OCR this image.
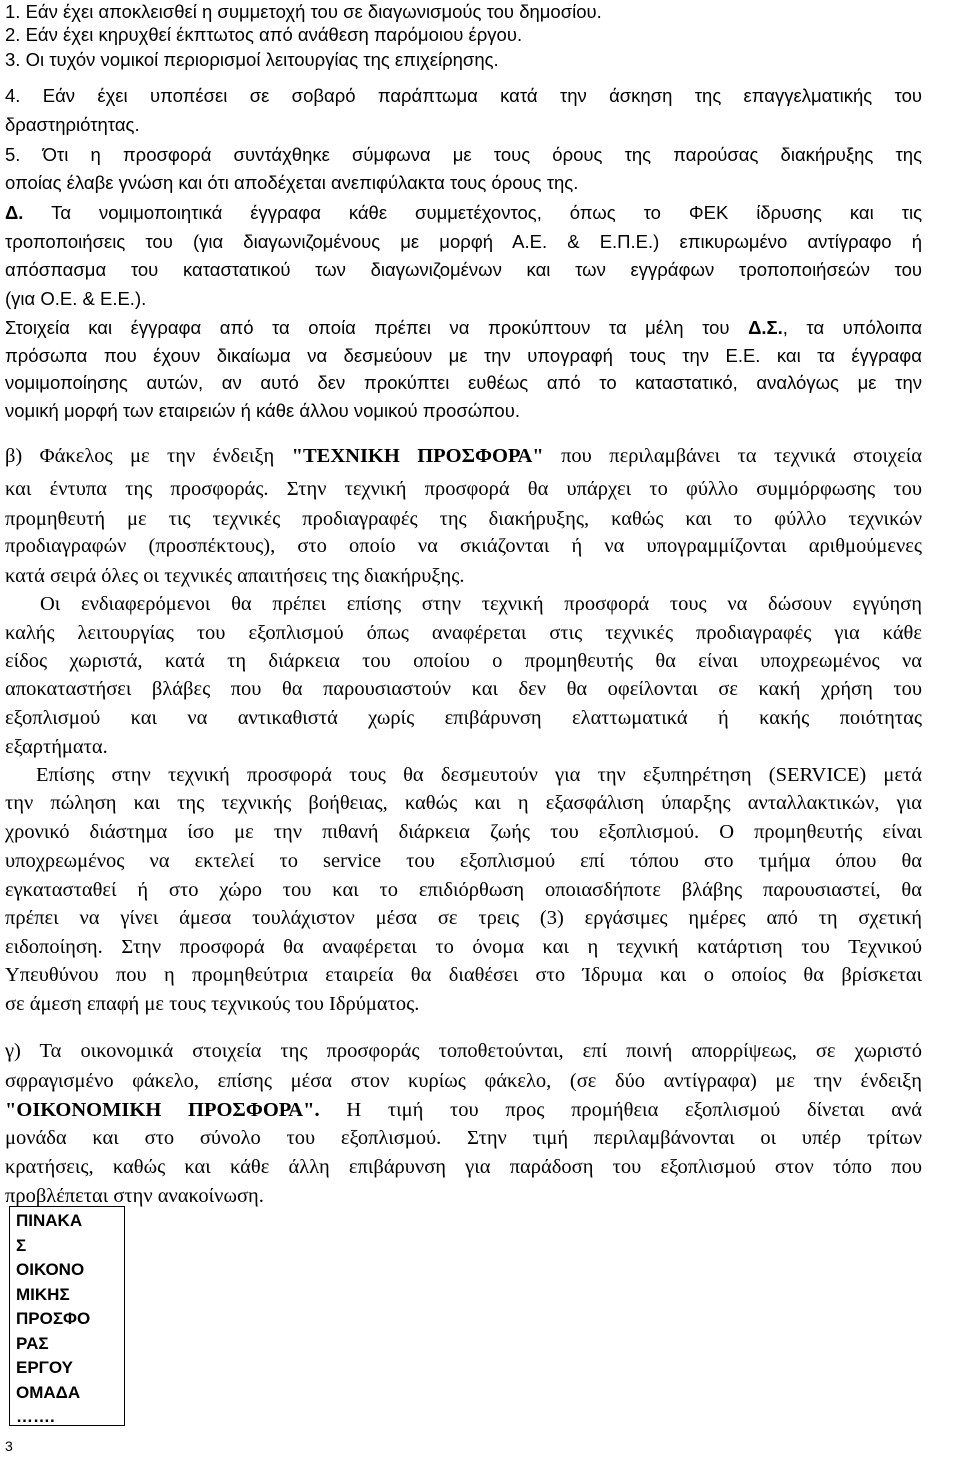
1. Εάν έχει αποκλεισθεί η συμμετοχή του σε διαγωνισμούς του δημοσίου.
2. Εάν έχει κηρυχθεί έκπτωτος από ανάθεση παρόμοιου έργου.
3. Οι τυχόν νομικοί περιορισμοί λειτουργίας της επιχείρησης.
4. Εάν έχει υποπέσει σε σοβαρό παράπτωμα κατά την άσκηση της επαγγελματικής του
δραστηριότητας.
5. Ότι η προσφορά συντάχθηκε σύμφωνα με τους όρους της παρούσας διακήρυξης της
οποίας έλαβε γνώση και ότι αποδέχεται ανεπιφύλακτα τους όρους της.
Δ. Τα νομιμοποιητικά έγγραφα κάθε συμμετέχοντος, όπως το ΦΕΚ ίδρυσης και τις
τροποποιήσεις του (για διαγωνιζομένους με μορφή Α.Ε. & Ε.Π.Ε.) επικυρωμένο αντίγραφο ή
απόσπασμα του καταστατικού των διαγωνιζομένων και των εγγράφων τροποποιήσεών του
(για Ο.Ε. & Ε.Ε.).
Στοιχεία και έγγραφα από τα οποία πρέπει να προκύπτουν τα μέλη του Δ.Σ., τα υπόλοιπα
πρόσωπα που έχουν δικαίωμα να δεσμεύουν με την υπογραφή τους την Ε.Ε. και τα έγγραφα
νομιμοποίησης αυτών, αν αυτό δεν προκύπτει ευθέως από το καταστατικό, αναλόγως με την
νομική μορφή των εταιρειών ή κάθε άλλου νομικού προσώπου.
β) Φάκελος με την ένδειξη "ΤΕΧΝΙΚΗ ΠΡΟΣΦΟΡΑ" που περιλαμβάνει τα τεχνικά στοιχεία
και έντυπα της προσφοράς. Στην τεχνική προσφορά θα υπάρχει το φύλλο συμμόρφωσης του
προμηθευτή με τις τεχνικές προδιαγραφές της διακήρυξης, καθώς και το φύλλο τεχνικών
προδιαγραφών (προσπέκτους), στο οποίο να σκιάζονται ή να υπογραμμίζονται αριθμούμενες
κατά σειρά όλες οι τεχνικές απαιτήσεις της διακήρυξης.
Οι ενδιαφερόμενοι θα πρέπει επίσης στην τεχνική προσφορά τους να δώσουν εγγύηση
καλής λειτουργίας του εξοπλισμού όπως αναφέρεται στις τεχνικές προδιαγραφές για κάθε
είδος χωριστά, κατά τη διάρκεια του οποίου ο προμηθευτής θα είναι υποχρεωμένος να
αποκαταστήσει βλάβες που θα παρουσιαστούν και δεν θα οφείλονται σε κακή χρήση του
εξοπλισμού και να αντικαθιστά χωρίς επιβάρυνση ελαττωματικά ή κακής ποιότητας
εξαρτήματα.
Επίσης στην τεχνική προσφορά τους θα δεσμευτούν για την εξυπηρέτηση (SERVICE) μετά
την πώληση και της τεχνικής βοήθειας, καθώς και η εξασφάλιση ύπαρξης ανταλλακτικών, για
χρονικό διάστημα ίσο με την πιθανή διάρκεια ζωής του εξοπλισμού. Ο προμηθευτής είναι
υποχρεωμένος να εκτελεί το service του εξοπλισμού επί τόπου στο τμήμα όπου θα
εγκατασταθεί ή στο χώρο του και το επιδιόρθωση οποιασδήποτε βλάβης παρουσιαστεί, θα
πρέπει να γίνει άμεσα τουλάχιστον μέσα σε τρεις (3) εργάσιμες ημέρες από τη σχετική
ειδοποίηση. Στην προσφορά θα αναφέρεται το όνομα και η τεχνική κατάρτιση του Τεχνικού
Υπευθύνου που η προμηθεύτρια εταιρεία θα διαθέσει στο Ίδρυμα και ο οποίος θα βρίσκεται
σε άμεση επαφή με τους τεχνικούς του Ιδρύματος.
γ) Τα οικονομικά στοιχεία της προσφοράς τοποθετούνται, επί ποινή απορρίψεως, σε χωριστό
σφραγισμένο φάκελο, επίσης μέσα στον κυρίως φάκελο, (σε δύο αντίγραφα) με την ένδειξη
"ΟΙΚΟΝΟΜΙΚΗ ΠΡΟΣΦΟΡΑ". Η τιμή του προς προμήθεια εξοπλισμού δίνεται ανά
μονάδα και στο σύνολο του εξοπλισμού. Στην τιμή περιλαμβάνονται οι υπέρ τρίτων
κρατήσεις, καθώς και κάθε άλλη επιβάρυνση για παράδοση του εξοπλισμού στον τόπο που
προβλέπεται στην ανακοίνωση.
ΠΙΝΑΚΑ
Σ
ΟΙΚΟΝΟ
ΜΙΚΗΣ
ΠΡΟΣΦΟ
ΡΑΣ
ΕΡΓΟΥ
ΟΜΑΔΑ
…….
3
